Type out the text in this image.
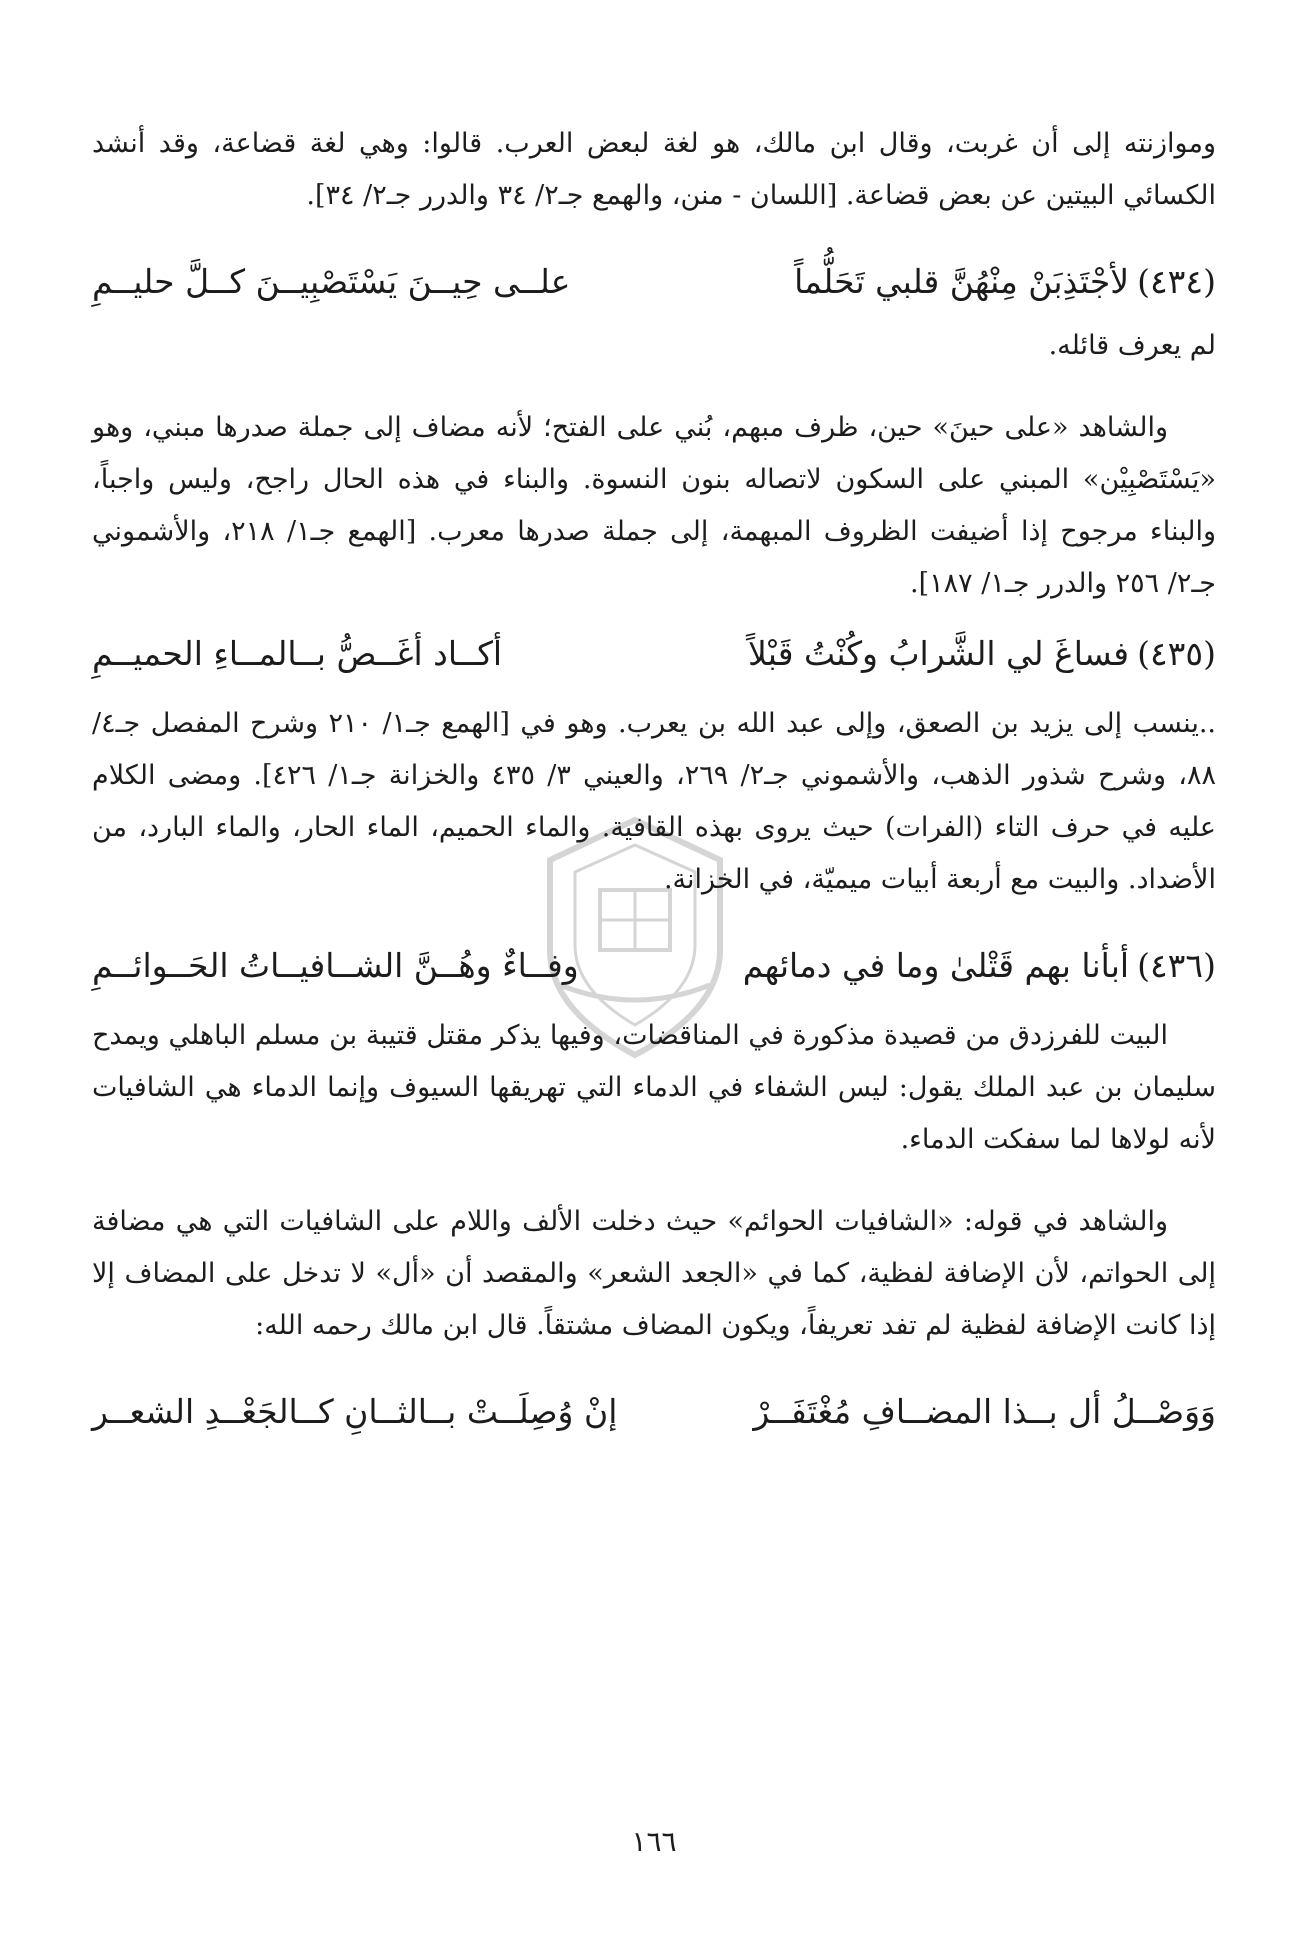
وموازنته إلى أن غربت، وقال ابن مالك، هو لغة لبعض العرب. قالوا: وهي لغة قضاعة، وقد أنشد الكسائي البيتين عن بعض قضاعة. [اللسان - منن، والهمع جـ٢/ ٣٤ والدرر جـ٢/ ٣٤].

(٤٣٤)لأجْتَذِبَنْ مِنْهُنَّ قلبي تَحَلُّماً
علــى حِيــنَ يَسْتَصْبِيــنَ كــلَّ حليــمِ

لم يعرف قائله.

والشاهد «على حينَ» حين، ظرف مبهم، بُني على الفتح؛ لأنه مضاف إلى جملة صدرها مبني، وهو «يَسْتَصْبِيْن» المبني على السكون لاتصاله بنون النسوة. والبناء في هذه الحال راجح، وليس واجباً، والبناء مرجوح إذا أضيفت الظروف المبهمة، إلى جملة صدرها معرب. [الهمع جـ١/ ٢١٨، والأشموني جـ٢/ ٢٥٦ والدرر جـ١/ ١٨٧].

(٤٣٥)فساغَ لي الشَّرابُ وكُنْتُ قَبْلاً
أكــاد أغَــصُّ بــالمــاءِ الحميــمِ

..ينسب إلى يزيد بن الصعق، وإلى عبد الله بن يعرب. وهو في [الهمع جـ١/ ٢١٠ وشرح المفصل جـ٤/ ٨٨، وشرح شذور الذهب، والأشموني جـ٢/ ٢٦٩، والعيني ٣/ ٤٣٥ والخزانة جـ١/ ٤٢٦]. ومضى الكلام عليه في حرف التاء (الفرات) حيث يروى بهذه القافية. والماء الحميم، الماء الحار، والماء البارد، من الأضداد. والبيت مع أربعة أبيات ميميّة، في الخزانة.

(٤٣٦)أبأنا بهم قَتْلىٰ وما في دمائهم
وفــاءٌ وهُــنَّ الشــافيــاتُ الحَــوائــمِ

البيت للفرزدق من قصيدة مذكورة في المناقضات، وفيها يذكر مقتل قتيبة بن مسلم الباهلي ويمدح سليمان بن عبد الملك يقول: ليس الشفاء في الدماء التي تهريقها السيوف وإنما الدماء هي الشافيات لأنه لولاها لما سفكت الدماء.

والشاهد في قوله: «الشافيات الحوائم» حيث دخلت الألف واللام على الشافيات التي هي مضافة إلى الحواتم، لأن الإضافة لفظية، كما في «الجعد الشعر» والمقصد أن «أل» لا تدخل على المضاف إلا إذا كانت الإضافة لفظية لم تفد تعريفاً، ويكون المضاف مشتقاً. قال ابن مالك رحمه الله:

وَوَصْــلُ أل بــذا المضــافِ مُغْتَفَــرْ
إنْ وُصِلَــتْ بــالثــانِ كــالجَعْــدِ الشعــر
١٦٦
